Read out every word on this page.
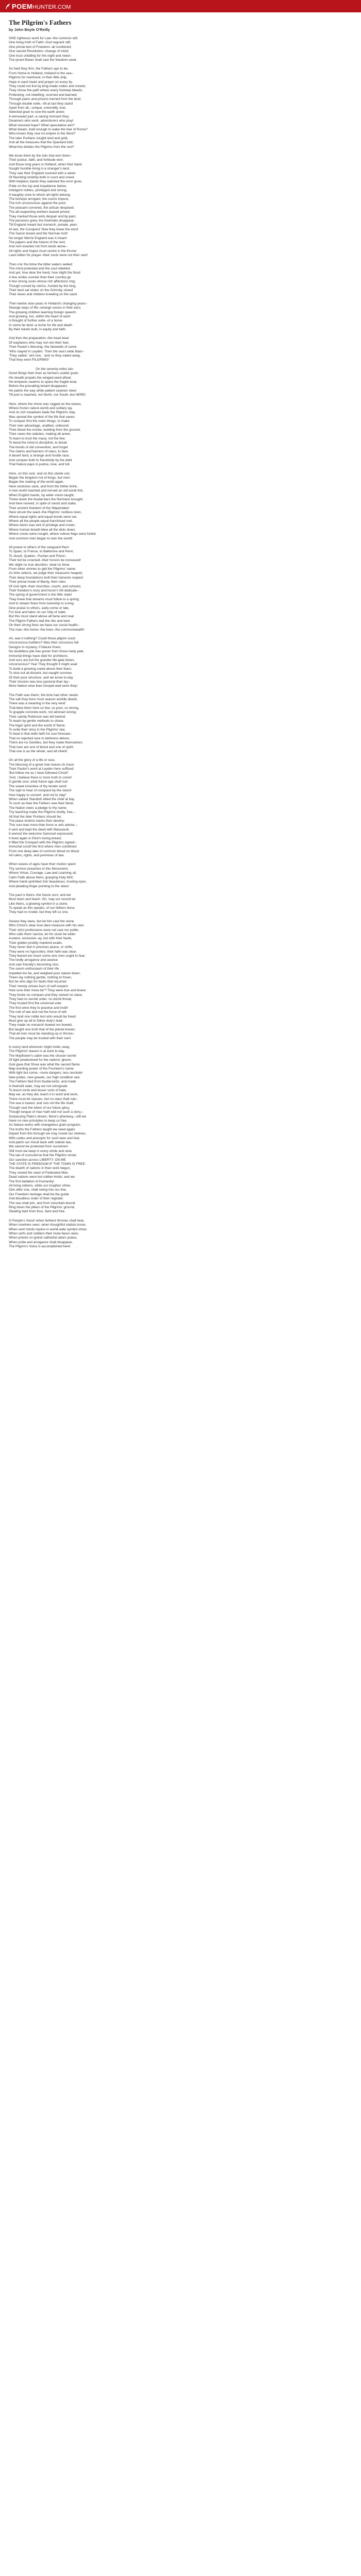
POEMHUNTER.COM
The Pilgrim's Fathers
by John Boyle O'Reilly
ONE righteous word for Law--the common will;
One living truth of Faith--God regnant still;
One primal test of Freedom--all combined;
One sacred Revolution--change of mind;
One trust unfailing for the night and need--
The tyrant-flower shall cast the freedom-seed.
So held they firm, the Fathers aye to be,
From Home to Holland, Holland to the sea--
Pilgrims for manhood, in their little ship,
Hope in each heart and prayer on every lip.
They could not live by king-made codes and creeds;
They chose the path where every footstep bleeds.
Protesting, not rebelling; scorned and banned;
Through pains and prisons harried from the land;
Through double exile,--till at last they stand
Apart from all,--unique, unworldly, true,
Selected grain to sow the earth anew;
A winnowed part--a saving remnant they;
Dreamers who work; adventurers who pray!
What visioned hope? What speculative aim?
What dream, bold enough to wake the fear of Rome?
Who knows they sow no empire in the West?
The later Puritans sought land and gold,
And all the treasures that the Spaniard told;
What line divides the Pilgrims from the rest?
We know them by the toils that won them--
Their justice, faith, and fortitude won;
And those long years in Holland, when their band
Sought humble living in a stranger's land.
They saw their England covered with a weed
Of flaunting lordship both in court and creed.
With helpless hands they watched the error grow,
Pride on the top and impatience below;
Indulgent nobles, privileged and strong,
A haughty crew to whom all rights belong;
The bishops arrogant, the courts impure,
The rich unconscious against the poor;
The peasant cornered, the artisan despised;
The all-supporting workers leased priced;
They marked those evils despair and lip-pain;
The pensions grew, the freeholds disappear;
Till England meant but monarch, prelate, peer;
At last, the Conquest' Now they knew the word
The Saxon tenant and the Norman lord!
No longer Merrie England was it meant
The papers and the tokens of the rent;
And rent exacted not from lands alone--
All rights and hopes must centre in the throne:
Laws bitten for prayer--their souls were not their own!
Then o'er the brine the bitter waters welled:
The mind protested and the soul rebelled;
And yet, how dear the hand, how slight the flood
A few smiles sunnier than their country-go
A few strong souls whose rich affections ring;
Though cursed by clerics, hunted by the king,
Their land sat stolen on the Grimsby strand
Their wives and children kneeling on the sand.
Then twelve slow years in Holland's changing years--
Strange ways of life--strange voices in their ears;
The growing children learning foreign speech;
And growing, too, within the heart of each
A thought of further exile--of a home
In some far land--a home for life and death
By their hands built, in equity and faith.
And then the preparation--the heart-beat
Of wayfarers who may not rest their feet;
Their Pastor's blessing--the farewells of some
'Who stayed in Leyden. Then the sea's wide blast--
'They sailed,' writ one, ' and so they sailed away,
That they were PILGRIMS!'
On the seventy-miles lain
Good things their lives as farmers scatter grain;
His breath propels the winged-seed afloat;
He tempests swarms to spare the fragile boat;
Before the prevailing tenant disappears
He paints the way while patient seamen steer;
Till port is reached, not North, nor South, but HERE!
Here, where the shore was rugged as the waves,
Where frozen nature dumb and solitary lay,
And no rich meadows bade the Pilgrims stay,
Was spread the symbol of the life that saves:
To conquer first the outer things; to make
Their own advantage, unallied, unbound;
Their blood the mortar, building from the ground;
Their cares the statutes, making all anew;
To learn to trust the many, not the few;
To bend the mind to discipline; to break
The bonds of old convention, and forget
The claims and barriers of class; to face
A desert land, a strange and hostile race,
And conquer both to friendship by the debt
That Nature pays to justice, love, and toil.
Here, on this rock, and on this sterile soil,
Began the kingdom not of kings, but men:
Began the making of the world again.
Here centuries sank, and from the hither brink,
A new world reached and nerved an old world link,
When English hands, by wider vision taught,
Threw down the feudal bars the Normans brought,
And here revived, in spite of sword and stake,
Their ancient freedom of the Wapentake!
Here struck the seed--the Pilgrims' roofless town,
Where equal rights and equal bonds were set,
Where all the people equal-franchised met;
Where doom was writ of privilege and crown;
Where human breath blew all the idols down;
Where crests were nought, where vulture flags were furled,
And common men began to own the world!
All praise to others of the vanguard then!
To Spain, to France, to Baltimore and Penn;
To Jesuit, Quaker,--Puritan and Priest--
Their toil be crowned--their honors be increased!
We slight no true devotion, steal no fame
From other shrines to gild the Pilgrims' name:
As time selects, we judge their measures heaped;
Their deep foundations built their harvests reaped;
Their primal mode of liberty, their rules
Of civil right--their churches, courts, and schools;
Their freedom's ivory and honor's hill dedicate--
The spring of government is the little state!
They knew that streams must follow to a spring;
And to stream flows from township to a king.
Give praise to others, early-come or late,
For love and labor on our ship of state;
But this must stand above all fame and zeal:
The Pilgrim Fathers laid the ribs and keel.
On their strong lines we base our social health--
The man--the home--the town--the commonwealth!
Ah, was it nothing? Could those pilgrim souls
Unconscious builders? Was their conscious fall
Designs in mystery, if Nature frown,
No doubtless pile has grown from those lowly pale,
Immortal things have died for architects;
And ours are but the grander life-gate blows.
Unconscious? Yea! They thought it might avail
To build a growing creed above their fears;
To shut out all dissent, but naught survives
Of their poor structure, and we know to-day
Their mission was less pastoral than lay--
More Nation-wise than Gospel-wed were they!
The Faith was theirs; the time had other needs.
The salt they bore must season worldly deeds.
There was a meaning in the very wind
That blew them here so few, so poor, so strong,
To grapple concrete work, not abstract wrong;
Their saintly Robinson was left behind
To teach by gentle methods to chase
The bigot spirit and the world of flame;
To write their story in the Pilgrims' law,
To beat in that wide faith his soul foresaw--
That no rejected race in darkness delves;
There are no Gentiles, but they make themselves;
That men are one of blood and one of spirit;
That one is as the whole, and all inherit.
On all the glory of a life or race,
The blessing of a great man leaves its trace;
Their Pastor's word at Leyden here sufficed:
'But follow me as I have followed Christ!'
'And, I believe there is more truth to come!'
O gentle soul, what future age shall ruin
The sweet incentive of thy tender word:
The sigh to hear of conquest by the sword
How happy to convert, and not to slay!'
When valiant Standish killed the chief at bay
To such as thee the Fathers owe their fame;
The Nation owes a pledge to thy name;
Thy teaching made the Pilgrims kindly, free,--
All that the later Puritans should be;
The place instinct marks their destiny;
This soul was more than force or arts advise,--
It sent and kept the deed with Massasoit;
It earned the welcome Samoset expressed;
It lived again in Eliot's loving breast;
It filled the Compact with the Pilgrims signed--
Immortal scroll! the first where men combined
From one deep lake of common blood on blood
All rulers, rights, and premises of law.
When waves of ages have their motion spent
Thy sermon preaches in this Monument,
Where Virtue, Courage, Law and Learning sit;
Calm Faith above them, grasping Holy Writ;
Where hand-sprinkled Zeir beauteous, trusting eyes,
And pleading finger pointing to the skies!
The past is theirs--the future ours; and we
Must learn and teach. Oh, may our record be
Like theirs, a glowing symbol in a stone,
To speak as this speaks, of our fathers done.
They had no model; but they left us one.
Severe they were, but let him cast the stone
Who Christ's clear love dare measure with his own.
Their strict professions were not cast nor polite;
Who calls them narrow, let his stuck be wider
Austere, exclusive--ay, but with their faults,
Their golden probity mankind exalts,
They never lied in precious peace, or strife;
They were no hypocrites; their faith was clear;
They feared too much some sins men ought to fear;
The lordly arrogance and avarice
And vain friendly's becoming vice;
The sworn enthusiasm of their life
Impelled too far, and weighed poor nature down;
Theirs lay nothing gentle, nothing to frown,
But he who digs for faults that recurred
Their merely virtues burn of self-respect
How sure their more-tar'? They were true and brave;
They broke no compact and they owned no slave;
They had no servile order, no dumb throat;
They trusted first the universal vote;
The first were they to practise and instill
The rule of law and not the force of will;
They land one noble test who would be freed:
Must give up all to follow duty's lead;
They made no monarch bowed nor bowed,
But taught one truth that of the planet known,
That all men must be standing up or throne--
The people may be trusted with their own!
In every land wherever might holds sway,
The Pilgrims' leaven is at work to-day.
The Mayflower's cabin was the chosen womb
Of light predestined for the nations' gloom;
God gave that Show was what the sacred flame
Map-wording power of the Fourteen's name:
With light but come,--more dangers, less resolute!
New prides, new greeds, our high condition see;
The Fathers fled from feudal-lords, and made
A freehold state, may we not retrograde
To bourn lords and lesser sorts of hate,
May we, as they did, teach it in word and work,
There must be classes, but no class thall rule--
The sea is lowest, and ruts not the life shall;
Though vast the token of our future glory,
Though tongue of man hath told not such a story,--
Surpassing Plato's dream, More's phantasy,--still we
Have no new principles to keep us free.
As Nature works with changeless grain program,
The truths the Fathers taught we need again;
Depart from this through we may crowd our shelves,
With codes and precepts for such laws and fear,
And patch our moral back with statute law,
We cannot be protected from ourselves!
Still must we keep in every stride and wise
The law of conscience that the Pilgrims wrote;
Our sanction across LIBERTY, ON ME
THE STATE IS FREEDOM IF THE TOWN IS FREE.
The dearth of nations in their work begun;
They sowed the seed of Federated Man.
Dead nations were but robber-holds; and we
The first battalion of Humanity!
All living nations, while our toughen shine,
One after one, shall swing into our line;
Our Freedom heritage shall be the guide
And bloodless order of their regicide;
The sea shall join, and from mountain-bound
Ring down the pillars of the Pilgrims' ground,
Stealing faint from thus, faint and free.
O People's Voice! when farthest thrones shall hear,
When nowhere seen; when thoughtful statists know;
When sent minds rejoice in world-wide symbol show;
When serfs and soldiers their mute-faces raise;
When priests on grand cathedral altars praise,
When pride and arrogance shall disappear,
The Pilgrim's Voice is accomplished here!
